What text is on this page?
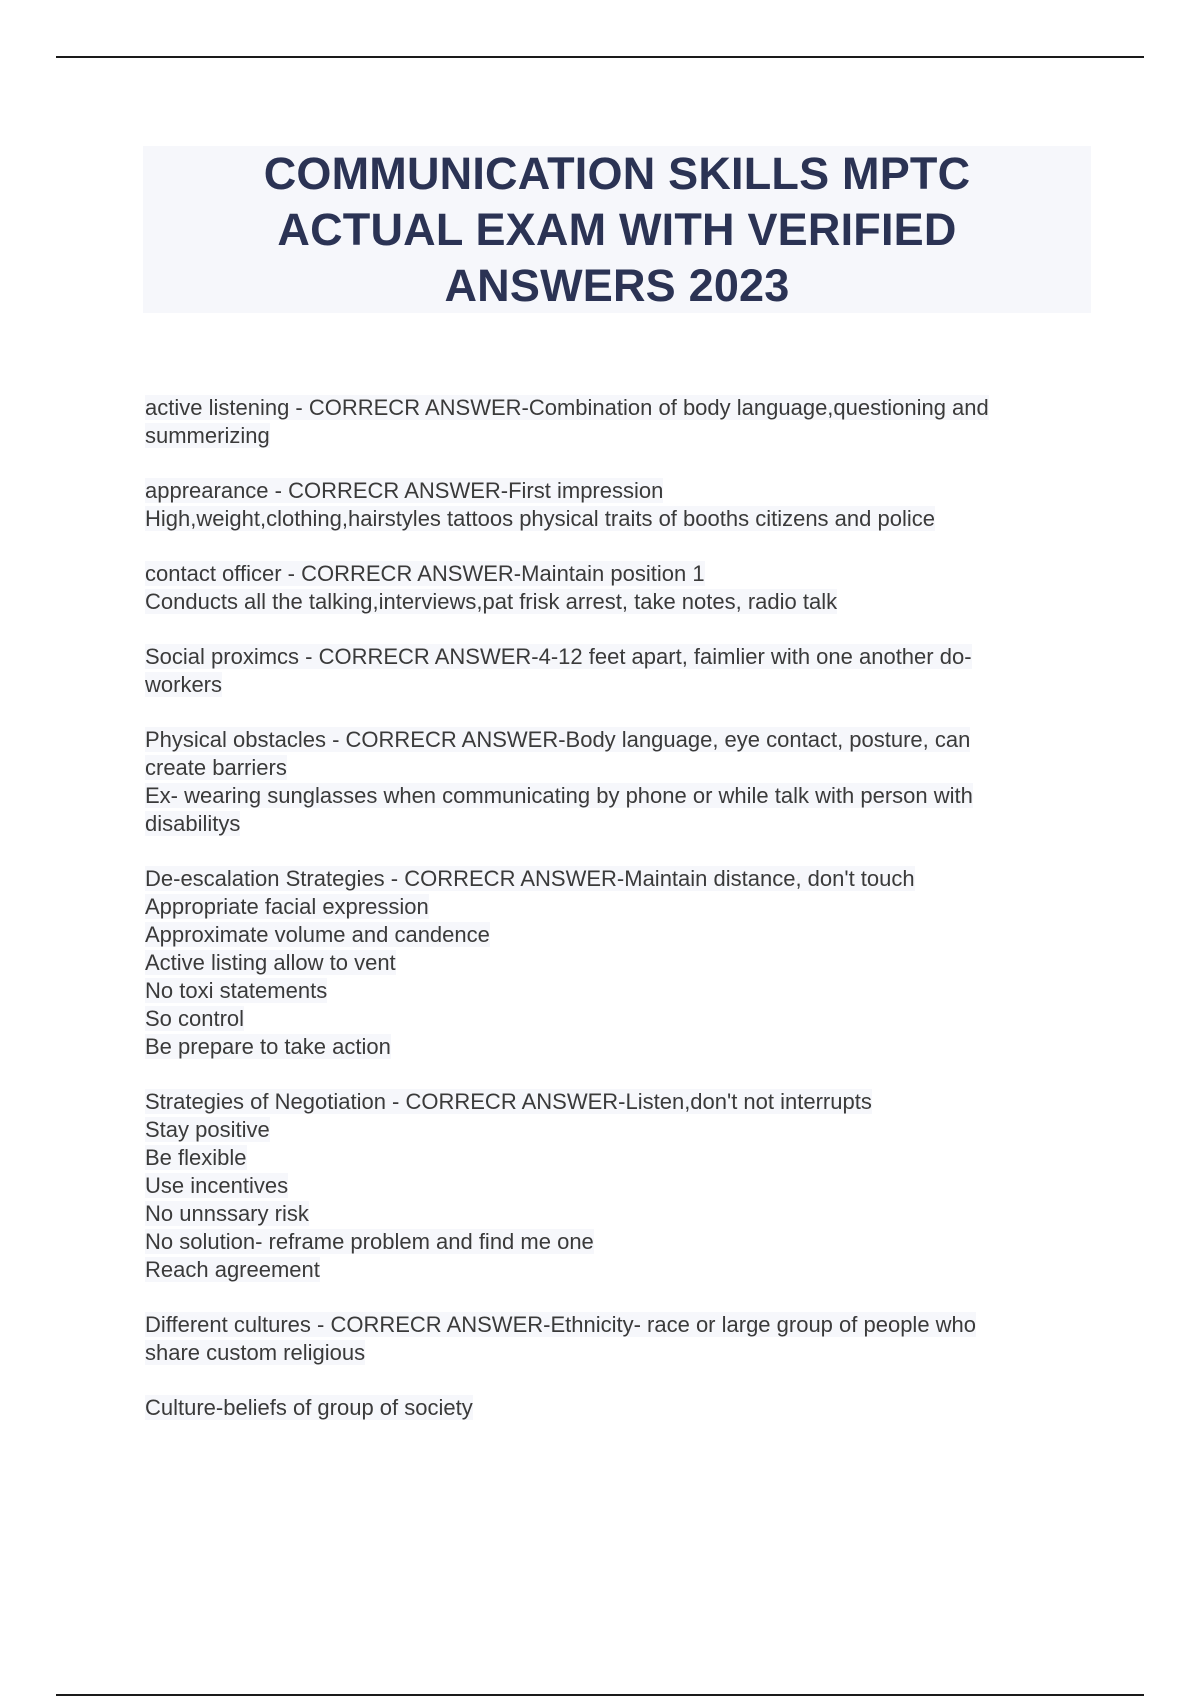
COMMUNICATION SKILLS MPTC ACTUAL EXAM WITH VERIFIED ANSWERS 2023
active listening - CORRECR ANSWER-Combination of body language,questioning and
summerizing
apprearance - CORRECR ANSWER-First impression
High,weight,clothing,hairstyles tattoos physical traits of booths citizens and police
contact officer - CORRECR ANSWER-Maintain position 1
Conducts all the talking,interviews,pat frisk arrest, take notes, radio talk
Social proximcs - CORRECR ANSWER-4-12 feet apart, faimlier with one another do-
workers
Physical obstacles - CORRECR ANSWER-Body language, eye contact, posture, can
create barriers
Ex- wearing sunglasses when communicating by phone or while talk with person with
disabilitys
De-escalation Strategies - CORRECR ANSWER-Maintain distance, don't touch
Appropriate facial expression
Approximate volume and candence
Active listing allow to vent
No toxi statements
So control
Be prepare to take action
Strategies of Negotiation - CORRECR ANSWER-Listen,don't not interrupts
Stay positive
Be flexible
Use incentives
No unnssary risk
No solution- reframe problem and find me one
Reach agreement
Different cultures - CORRECR ANSWER-Ethnicity- race or large group of people who
share custom religious
Culture-beliefs of group of society
